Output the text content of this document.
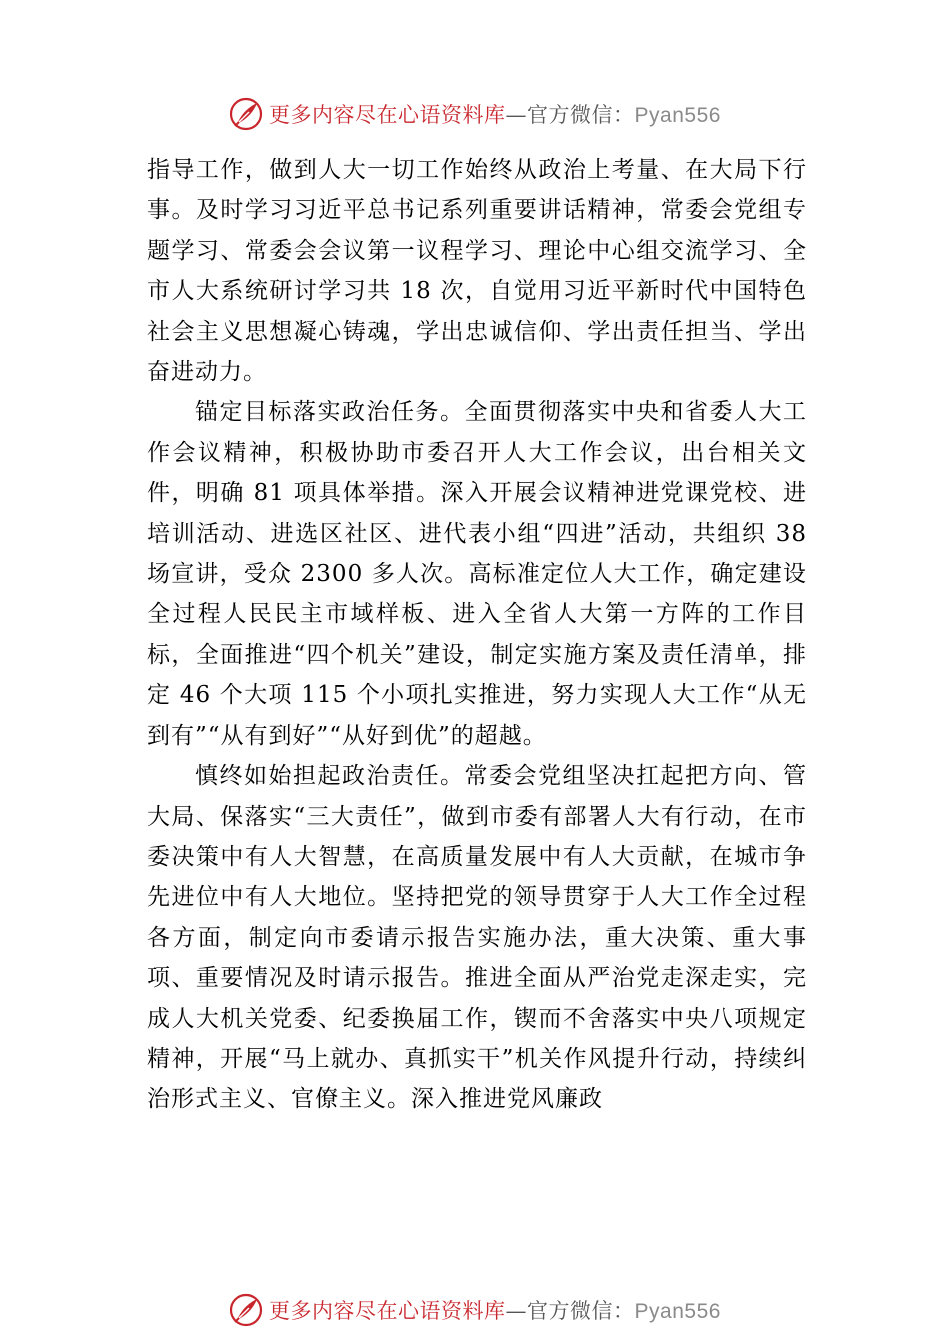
更多内容尽在心语资料库—官方微信：Pyan556

指导工作，做到人大一切工作始终从政治上考量、在大局下行事。及时学习习近平总书记系列重要讲话精神，常委会党组专题学习、常委会会议第一议程学习、理论中心组交流学习、全市人大系统研讨学习共 18 次，自觉用习近平新时代中国特色社会主义思想凝心铸魂，学出忠诚信仰、学出责任担当、学出奋进动力。

锚定目标落实政治任务。全面贯彻落实中央和省委人大工作会议精神，积极协助市委召开人大工作会议，出台相关文件，明确 81 项具体举措。深入开展会议精神进党课党校、进培训活动、进选区社区、进代表小组“四进”活动，共组织 38 场宣讲，受众 2300 多人次。高标准定位人大工作，确定建设全过程人民民主市域样板、进入全省人大第一方阵的工作目标，全面推进“四个机关”建设，制定实施方案及责任清单，排定 46 个大项 115 个小项扎实推进，努力实现人大工作“从无到有”“从有到好”“从好到优”的超越。

慎终如始担起政治责任。常委会党组坚决扛起把方向、管大局、保落实“三大责任”，做到市委有部署人大有行动，在市委决策中有人大智慧，在高质量发展中有人大贡献，在城市争先进位中有人大地位。坚持把党的领导贯穿于人大工作全过程各方面，制定向市委请示报告实施办法，重大决策、重大事项、重要情况及时请示报告。推进全面从严治党走深走实，完成人大机关党委、纪委换届工作，锲而不舍落实中央八项规定精神，开展“马上就办、真抓实干”机关作风提升行动，持续纠治形式主义、官僚主义。深入推进党风廉政

更多内容尽在心语资料库—官方微信：Pyan556
